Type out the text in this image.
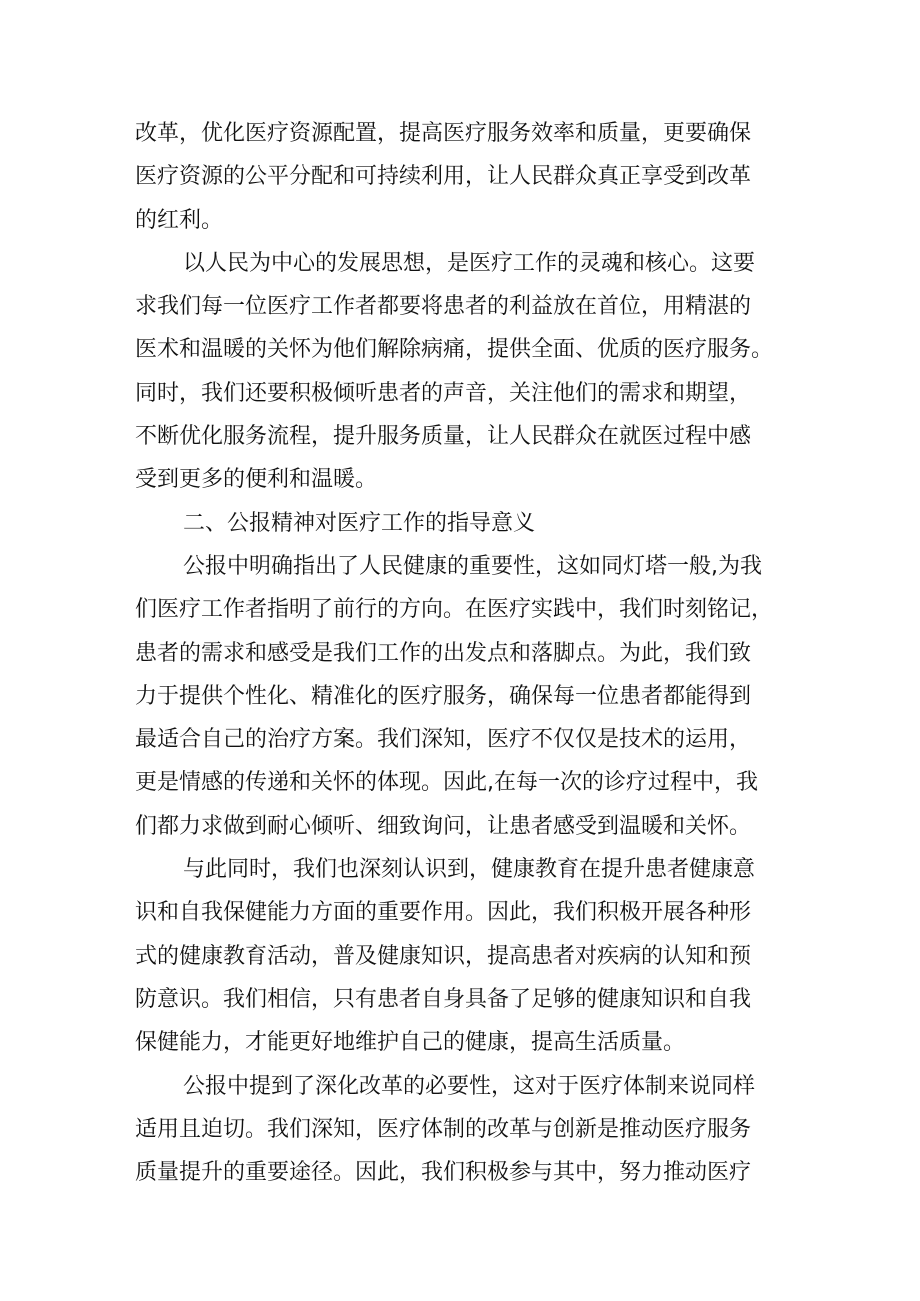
改革，优化医疗资源配置，提高医疗服务效率和质量，更要确保
医疗资源的公平分配和可持续利用，让人民群众真正享受到改革
的红利。
以人民为中心的发展思想，是医疗工作的灵魂和核心。这要
求我们每一位医疗工作者都要将患者的利益放在首位，用精湛的
医术和温暖的关怀为他们解除病痛，提供全面、优质的医疗服务。
同时，我们还要积极倾听患者的声音，关注他们的需求和期望，
不断优化服务流程，提升服务质量，让人民群众在就医过程中感
受到更多的便利和温暖。
二、公报精神对医疗工作的指导意义
公报中明确指出了人民健康的重要性，这如同灯塔一般,为我
们医疗工作者指明了前行的方向。在医疗实践中，我们时刻铭记，
患者的需求和感受是我们工作的出发点和落脚点。为此，我们致
力于提供个性化、精准化的医疗服务，确保每一位患者都能得到
最适合自己的治疗方案。我们深知，医疗不仅仅是技术的运用，
更是情感的传递和关怀的体现。因此,在每一次的诊疗过程中，我
们都力求做到耐心倾听、细致询问，让患者感受到温暖和关怀。
与此同时，我们也深刻认识到，健康教育在提升患者健康意
识和自我保健能力方面的重要作用。因此，我们积极开展各种形
式的健康教育活动，普及健康知识，提高患者对疾病的认知和预
防意识。我们相信，只有患者自身具备了足够的健康知识和自我
保健能力，才能更好地维护自己的健康，提高生活质量。
公报中提到了深化改革的必要性，这对于医疗体制来说同样
适用且迫切。我们深知，医疗体制的改革与创新是推动医疗服务
质量提升的重要途径。因此，我们积极参与其中，努力推动医疗
